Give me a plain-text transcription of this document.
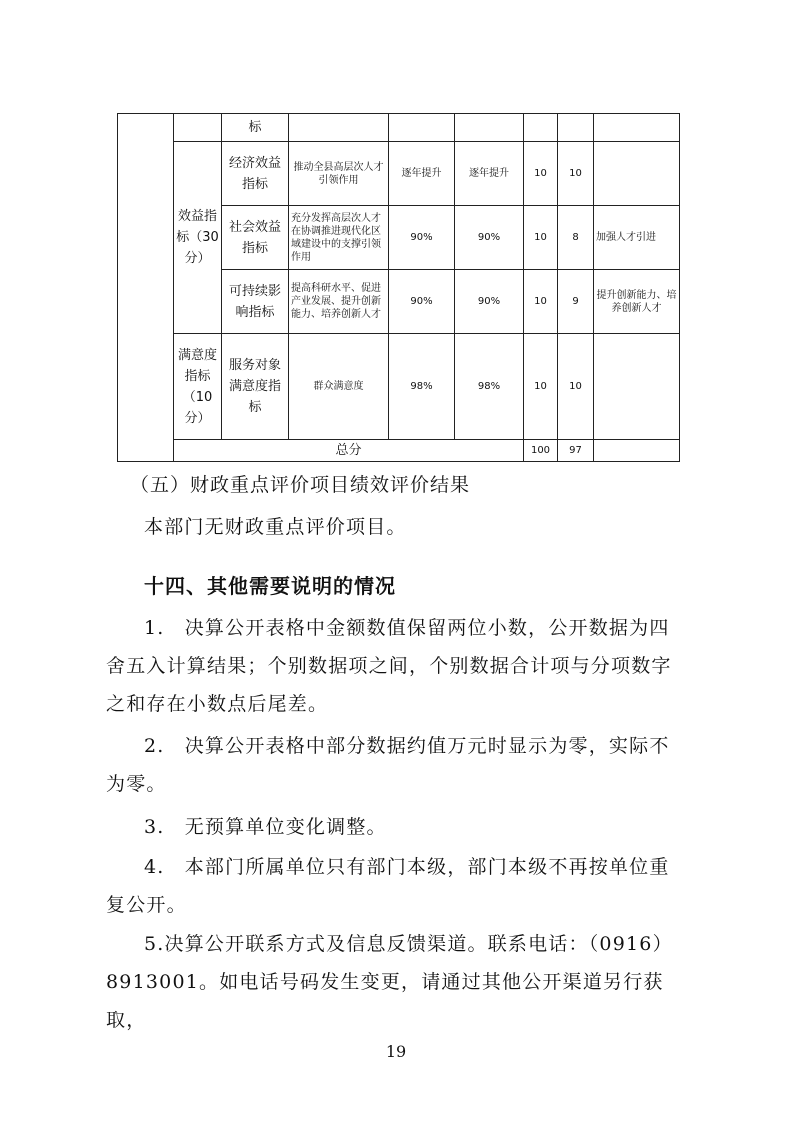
		标						
	效益指标（30分）	经济效益指标	推动全县高层次人才引领作用	逐年提升	逐年提升	10	10	
		社会效益指标	充分发挥高层次人才在协调推进现代化区域建设中的支撑引领作用	90%	90%	10	8	加强人才引进
		可持续影响指标	提高科研水平、促进产业发展、提升创新能力、培养创新人才	90%	90%	10	9	提升创新能力、培养创新人才
	满意度指标（10分）	服务对象满意度指标	群众满意度	98%	98%	10	10	
	总分					100	97	
（五）财政重点评价项目绩效评价结果

本部门无财政重点评价项目。

十四、其他需要说明的情况

1.　决算公开表格中金额数值保留两位小数，公开数据为四舍五入计算结果；个别数据项之间，个别数据合计项与分项数字之和存在小数点后尾差。

2.　决算公开表格中部分数据约值万元时显示为零，实际不为零。

3.　无预算单位变化调整。

4.　本部门所属单位只有部门本级，部门本级不再按单位重复公开。

5.决算公开联系方式及信息反馈渠道。联系电话：（0916）8913001。如电话号码发生变更，请通过其他公开渠道另行获取，

19
